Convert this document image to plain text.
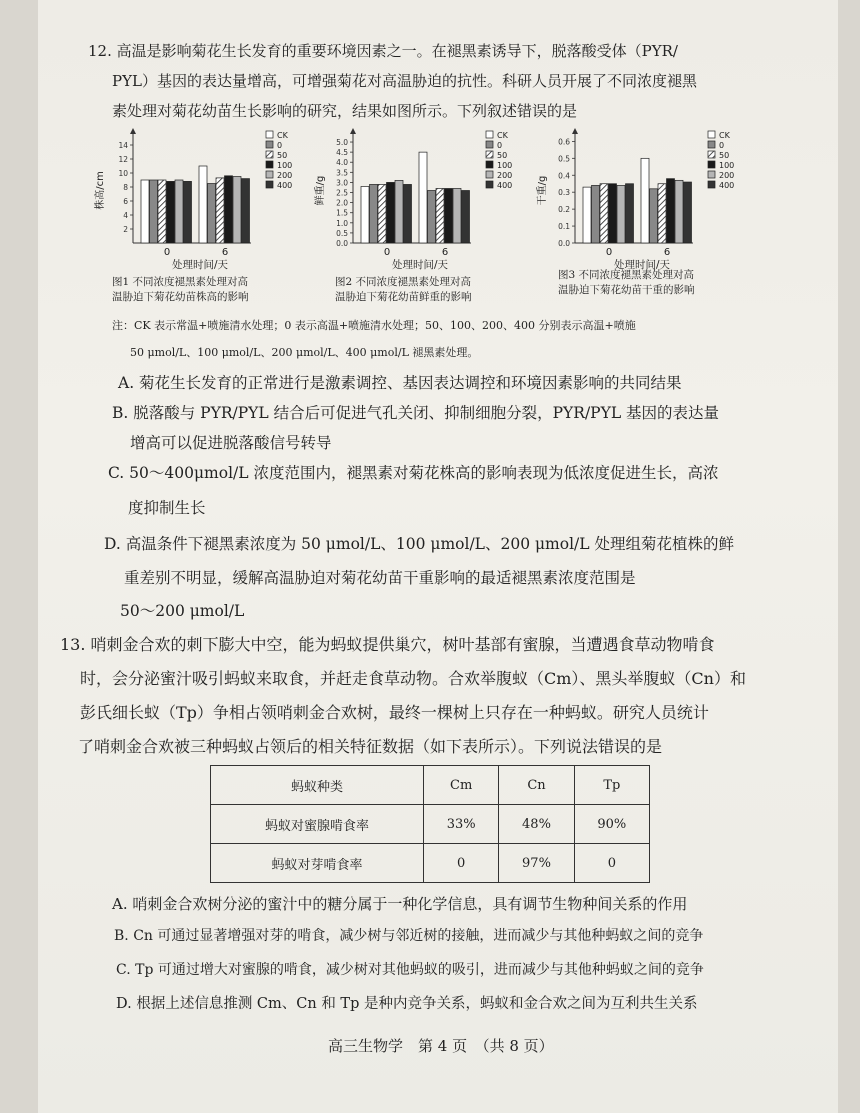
12. 高温是影响菊花生长发育的重要环境因素之一。在褪黑素诱导下，脱落酸受体（PYR/
PYL）基因的表达量增高，可增强菊花对高温胁迫的抗性。科研人员开展了不同浓度褪黑
素处理对菊花幼苗生长影响的研究，结果如图所示。下列叙述错误的是
2
4
6
8
10
12
14
株高/cm
0	6
处理时间/天
CK
0
50
100
200
400
0.0
0.5
1.0
1.5
2.0
2.5
3.0
3.5
4.0
4.5
5.0
鲜重/g
0	6
处理时间/天
CK
0
50
100
200
400
0.0
0.1
0.2
0.3
0.4
0.5
0.6
干重/g
0	6
处理时间/天
CK
0
50
100
200
400
图1 不同浓度褪黑素处理对高
温胁迫下菊花幼苗株高的影响
图2 不同浓度褪黑素处理对高
温胁迫下菊花幼苗鲜重的影响
图3 不同浓度褪黑素处理对高
温胁迫下菊花幼苗干重的影响
注：CK 表示常温+喷施清水处理；0 表示高温+喷施清水处理；50、100、200、400 分别表示高温+喷施
50 μmol/L、100 μmol/L、200 μmol/L、400 μmol/L 褪黑素处理。
A. 菊花生长发育的正常进行是激素调控、基因表达调控和环境因素影响的共同结果
B. 脱落酸与 PYR/PYL 结合后可促进气孔关闭、抑制细胞分裂，PYR/PYL 基因的表达量
增高可以促进脱落酸信号转导
C. 50～400μmol/L 浓度范围内，褪黑素对菊花株高的影响表现为低浓度促进生长，高浓
度抑制生长
D. 高温条件下褪黑素浓度为 50 μmol/L、100 μmol/L、200 μmol/L 处理组菊花植株的鲜
重差别不明显，缓解高温胁迫对菊花幼苗干重影响的最适褪黑素浓度范围是
50～200 μmol/L
13. 哨刺金合欢的刺下膨大中空，能为蚂蚁提供巢穴，树叶基部有蜜腺，当遭遇食草动物啃食
时，会分泌蜜汁吸引蚂蚁来取食，并赶走食草动物。合欢举腹蚁（Cm）、黑头举腹蚁（Cn）和
彭氏细长蚁（Tp）争相占领哨刺金合欢树，最终一棵树上只存在一种蚂蚁。研究人员统计
了哨刺金合欢被三种蚂蚁占领后的相关特征数据（如下表所示）。下列说法错误的是
蚂蚁种类	Cm	Cn	Tp
蚂蚁对蜜腺啃食率	33%	48%	90%
蚂蚁对芽啃食率	0	97%	0
A. 哨刺金合欢树分泌的蜜汁中的糖分属于一种化学信息，具有调节生物种间关系的作用
B. Cn 可通过显著增强对芽的啃食，减少树与邻近树的接触，进而减少与其他种蚂蚁之间的竞争
C. Tp 可通过增大对蜜腺的啃食，减少树对其他蚂蚁的吸引，进而减少与其他种蚂蚁之间的竞争
D. 根据上述信息推测 Cm、Cn 和 Tp 是种内竞争关系，蚂蚁和金合欢之间为互利共生关系
高三生物学　第 4 页　（共 8 页）
